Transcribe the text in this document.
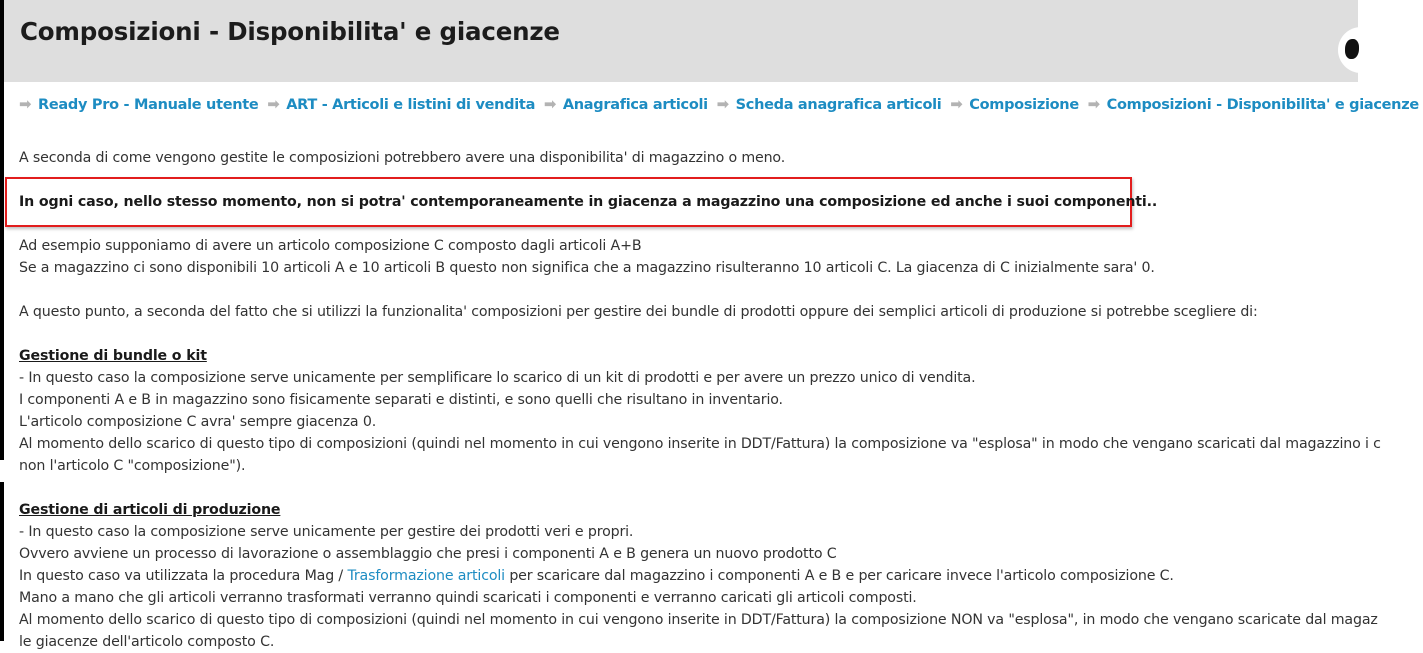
Composizioni - Disponibilita' e giacenze
➡ Ready Pro - Manuale utente ➡ ART - Articoli e listini di vendita ➡ Anagrafica articoli ➡ Scheda anagrafica articoli ➡ Composizione ➡ Composizioni - Disponibilita' e giacenze

A seconda di come vengono gestite le composizioni potrebbero avere una disponibilita' di magazzino o meno.

In ogni caso, nello stesso momento, non si potra' contemporaneamente in giacenza a magazzino una composizione ed anche i suoi componenti..

Ad esempio supponiamo di avere un articolo composizione C composto dagli articoli A+B

Se a magazzino ci sono disponibili 10 articoli A e 10 articoli B questo non significa che a magazzino risulteranno 10 articoli C. La giacenza di C inizialmente sara' 0.

A questo punto, a seconda del fatto che si utilizzi la funzionalita' composizioni per gestire dei bundle di prodotti oppure dei semplici articoli di produzione si potrebbe scegliere di:

Gestione di bundle o kit

- In questo caso la composizione serve unicamente per semplificare lo scarico di un kit di prodotti e per avere un prezzo unico di vendita.

I componenti A e B in magazzino sono fisicamente separati e distinti, e sono quelli che risultano in inventario.

L'articolo composizione C avra' sempre giacenza 0.

Al momento dello scarico di questo tipo di composizioni (quindi nel momento in cui vengono inserite in DDT/Fattura) la composizione va "esplosa" in modo che vengano scaricati dal magazzino i c

non l'articolo C "composizione").

Gestione di articoli di produzione

- In questo caso la composizione serve unicamente per gestire dei prodotti veri e propri.

Ovvero avviene un processo di lavorazione o assemblaggio che presi i componenti A e B genera un nuovo prodotto C

In questo caso va utilizzata la procedura Mag / Trasformazione articoli per scaricare dal magazzino i componenti A e B e per caricare invece l'articolo composizione C.

Mano a mano che gli articoli verranno trasformati verranno quindi scaricati i componenti e verranno caricati gli articoli composti.

Al momento dello scarico di questo tipo di composizioni (quindi nel momento in cui vengono inserite in DDT/Fattura) la composizione NON va "esplosa", in modo che vengano scaricate dal magaz

le giacenze dell'articolo composto C.
